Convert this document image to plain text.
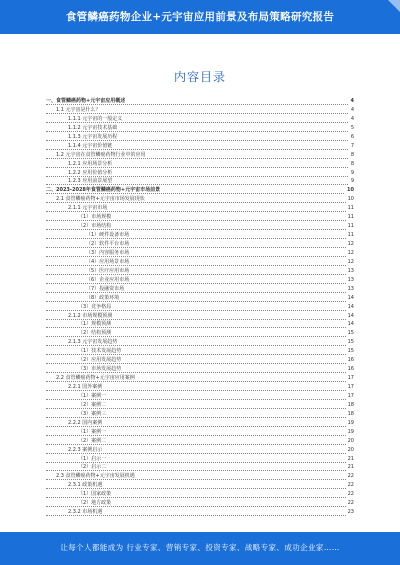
食管鳞癌药物企业+元宇宙应用前景及布局策略研究报告
内容目录
一、食管鳞癌药物+元宇宙应用概述	4
1.1 元宇宙是什么？	4
1.1.1 元宇宙的一般定义	4
1.1.2 元宇宙技术基础	5
1.1.3 元宇宙发展历程	6
1.1.4 元宇宙价值链	7
1.2 元宇宙在食管鳞癌药物行业中的应用	8
1.2.1 应用场景分析	8
1.2.2 应用价值分析	9
1.2.3 应用前景展望	9
二、2023-2028年食管鳞癌药物+元宇宙市场前景	10
2.1 食管鳞癌药物+元宇宙市场发展现状	10
2.1.1 元宇宙市场	11
（1）市场规模	11
（2）市场结构	11
（1）硬件设备市场	11
（2）软件平台市场	12
（3）内容服务市场	12
（4）应用场景市场	12
（5）医疗应用市场	13
（6）企业应用市场	13
（7）投融资市场	13
（8）政策环境	14
（3）竞争格局	14
2.1.2 市场规模预测	14
（1）规模预测	14
（2）结构预测	15
2.1.3 元宇宙发展趋势	15
（1）技术发展趋势	15
（2）应用发展趋势	16
（3）市场发展趋势	16
2.2 食管鳞癌药物+元宇宙应用案例	17
2.2.1 国外案例	17
（1）案例一	17
（2）案例二	18
（3）案例三	18
2.2.2 国内案例	19
（1）案例一	19
（2）案例二	20
2.2.3 案例启示	20
（1）启示一	21
（2）启示二	21
2.3 食管鳞癌药物+元宇宙发展机遇	22
2.3.1 政策机遇	22
（1）国家政策	22
（2）地方政策	22
2.3.2 市场机遇	23
让每个人都能成为 行业专家、营销专家、投资专家、战略专家、成功企业家……
